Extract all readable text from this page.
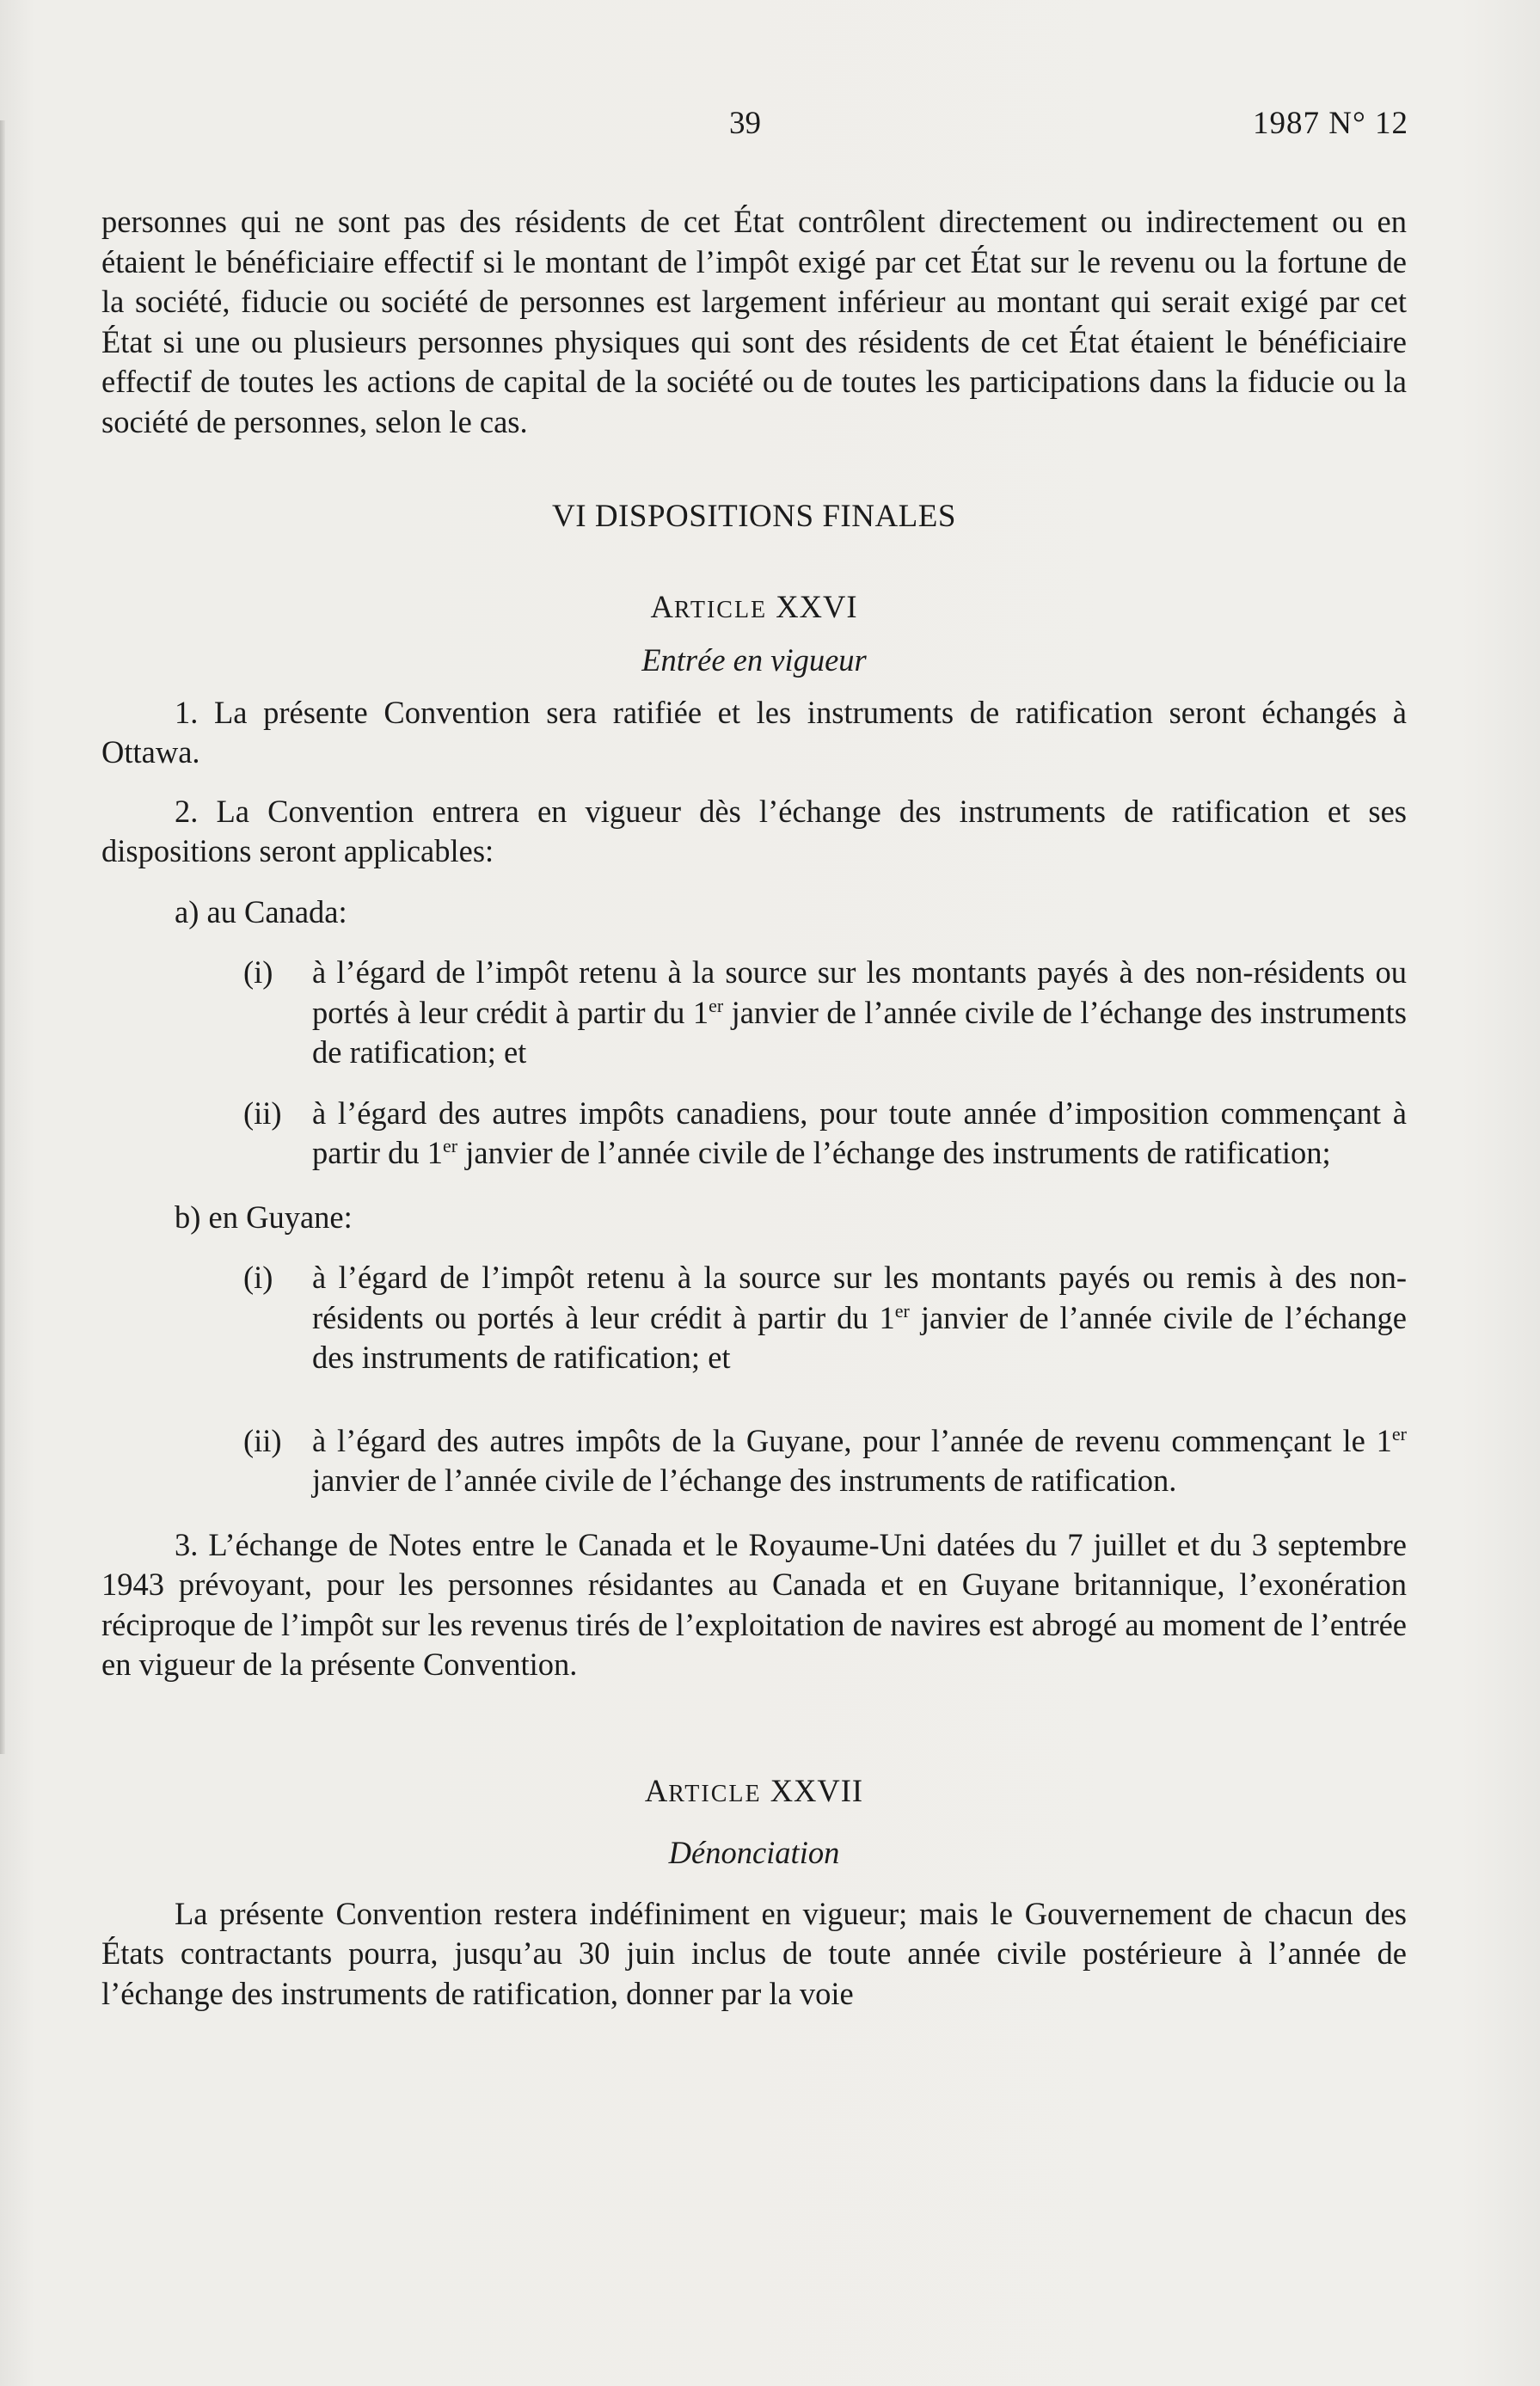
39	1987 N° 12

personnes qui ne sont pas des résidents de cet État contrôlent directement ou indirectement ou en étaient le bénéficiaire effectif si le montant de l’impôt exigé par cet État sur le revenu ou la fortune de la société, fiducie ou société de personnes est largement inférieur au montant qui serait exigé par cet État si une ou plusieurs personnes physiques qui sont des résidents de cet État étaient le bénéficiaire effectif de toutes les actions de capital de la société ou de toutes les participations dans la fiducie ou la société de personnes, selon le cas.

VI DISPOSITIONS FINALES
ARTICLE XXVI
Entrée en vigueur

1. La présente Convention sera ratifiée et les instruments de ratification seront échangés à Ottawa.

2. La Convention entrera en vigueur dès l’échange des instruments de ratification et ses dispositions seront applicables:

a) au Canada:
(i)	à l’égard de l’impôt retenu à la source sur les montants payés à des non-résidents ou portés à leur crédit à partir du 1er janvier de l’année civile de l’échange des instruments de ratification; et
(ii) à l’égard des autres impôts canadiens, pour toute année d’imposition commençant à partir du 1er janvier de l’année civile de l’échange des instruments de ratification;
b) en Guyane:
(i)	à l’égard de l’impôt retenu à la source sur les montants payés ou remis à des non-résidents ou portés à leur crédit à partir du 1er janvier de l’année civile de l’échange des instruments de ratification; et
(ii) à l’égard des autres impôts de la Guyane, pour l’année de revenu commençant le 1er janvier de l’année civile de l’échange des instruments de ratification.

3. L’échange de Notes entre le Canada et le Royaume-Uni datées du 7 juillet et du 3 septembre 1943 prévoyant, pour les personnes résidantes au Canada et en Guyane britannique, l’exonération réciproque de l’impôt sur les revenus tirés de l’exploitation de navires est abrogé au moment de l’entrée en vigueur de la présente Convention.

ARTICLE XXVII
Dénonciation

La présente Convention restera indéfiniment en vigueur; mais le Gouvernement de chacun des États contractants pourra, jusqu’au 30 juin inclus de toute année civile postérieure à l’année de l’échange des instruments de ratification, donner par la voie
